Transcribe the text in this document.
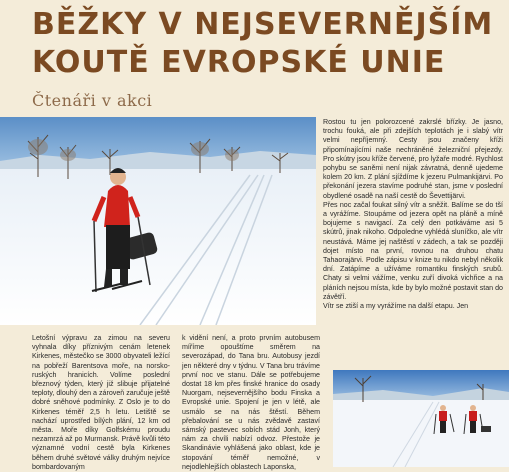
BĚŽKY V NEJSEVERNĚJŠÍM
KOUTĚ EVROPSKÉ UNIE
Čtenáři v akci

Rostou tu jen polorozcené zakrslé břízky. Je jasno, trochu fouká, ale při zdejších teplotách je i slabý vítr velmi nepříjemný. Cesty jsou značeny kříži připomínajícími naše nechráněné železniční přejezdy. Pro skútry jsou kříže červené, pro lyžaře modré. Rychlost pohybu se saněmi není nijak závratná, denně ujedeme kolem 20 km. Z plání sjíždíme k jezeru Pulmankijärvi. Po překonání jezera stavíme podruhé stan, jsme v poslední obydlené osadě na naší cestě do Ševettijärvi.

Přes noc začal foukat silný vítr a sněžit. Balíme se do tší a vyrážíme. Stoupáme od jezera opět na pláně a míně bojujeme s navigací. Za celý den potkáváme asi 5 skútrů, jinak nikoho. Odpoledne vyhlédá sluníčko, ale vítr neustává. Máme jej naštěstí v zádech, a tak se později dojet místo na první, rovnou na druhou chatu Tahaorajärvi. Podle zápisu v knize tu nikdo nebyl několik dní. Zatápíme a užíváme romantiku finských srubů. Chaty si velmi vážíme, venku zuří divoká vichřice a na pláních nejsou místa, kde by bylo možné postavit stan do závětří.

Vítr se ztiší a my vyrážíme na další etapu. Jen

Letošní výpravu za zimou na severu vyhnala díky příznivým cenám letenek Kirkenes, městečko se 3000 obyvateli ležící na pobřeží Barentsova moře, na norsko-ruských hranicích. Volíme poslední březnový týden, který již slibuje přijatelné teploty, dlouhý den a zároveň zaručuje ještě dobré sněhové podmínky. Z Oslo je to do Kirkenes téměř 2,5 h letu. Letiště se nachází uprostřed bílých plání, 12 km od města. Moře díky Golfskému proudu nezamrzá až po Murmansk. Právě kvůli této významné vodní cestě byla Kirkenes během druhé světové války druhým nejvíce bombardovaným

k vidění není, a proto prvním autobusem míříme opouštíme směrem na severozápad, do Tana bru. Autobusy jezdí jen některé dny v týdnu. V Tana bru trávíme první noc ve stanu. Dále se potřebujeme dostat 18 km přes finské hranice do osady Nuorgam, nejsevernějšího bodu Finska a Evropské unie. Spojení je jen v létě, ale usmálo se na nás štěstí. Během přebalování se u nás zvědavě zastaví sámský pastevec sobích stád Jonh, který nám za chvíli nabízí odvoz. Přestože je Skandinávie vyhlášená jako oblast, kde je stopování téměř nemožné, v nejodlehlejších oblastech Laponska,
